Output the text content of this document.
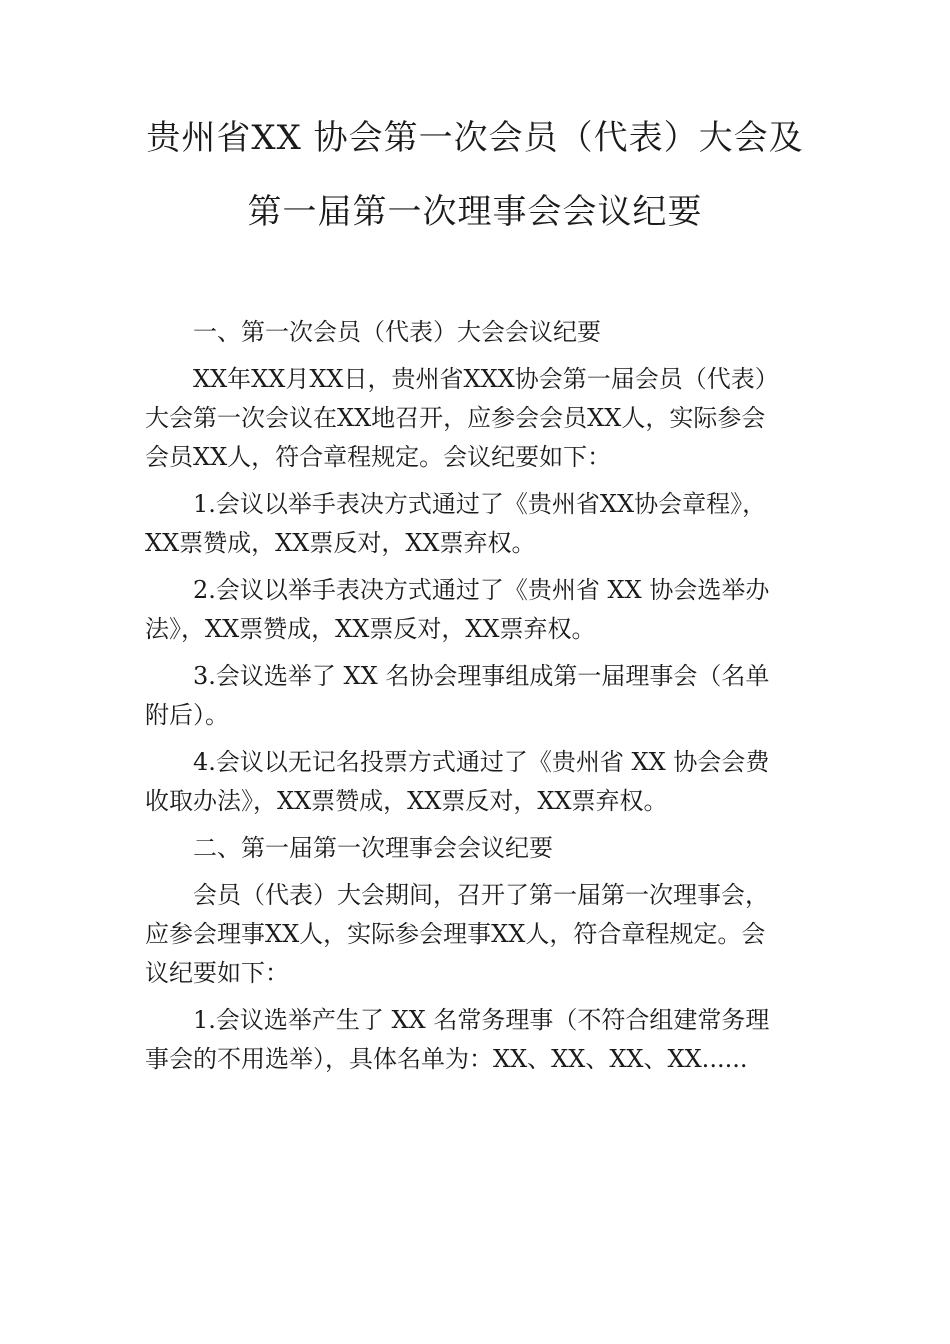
贵州省XX 协会第一次会员（代表）大会及
第一届第一次理事会会议纪要
一、第一次会员（代表）大会会议纪要
XX年XX月XX日，贵州省XXX协会第一届会员（代表）
大会第一次会议在XX地召开，应参会会员XX人，实际参会
会员XX人，符合章程规定。会议纪要如下：
1.会议以举手表决方式通过了《贵州省XX协会章程》，
XX票赞成，XX票反对，XX票弃权。
2.会议以举手表决方式通过了《贵州省 XX 协会选举办
法》，XX票赞成，XX票反对，XX票弃权。
3.会议选举了 XX 名协会理事组成第一届理事会（名单
附后）。
4.会议以无记名投票方式通过了《贵州省 XX 协会会费
收取办法》，XX票赞成，XX票反对，XX票弃权。
二、第一届第一次理事会会议纪要
会员（代表）大会期间，召开了第一届第一次理事会，
应参会理事XX人，实际参会理事XX人，符合章程规定。会
议纪要如下：
1.会议选举产生了 XX 名常务理事（不符合组建常务理
事会的不用选举），具体名单为：XX、XX、XX、XX......
